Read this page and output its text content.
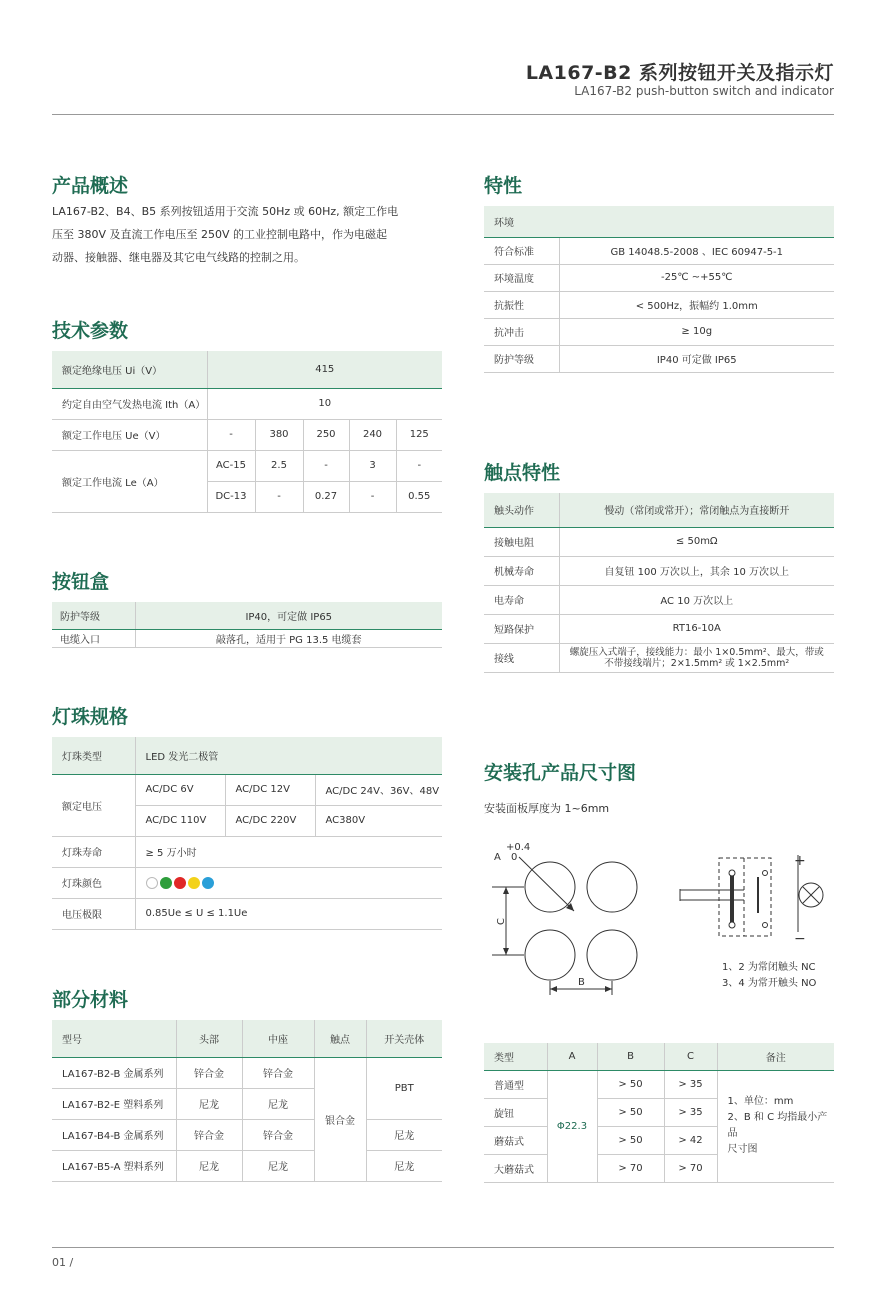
LA167-B2 系列按钮开关及指示灯
LA167-B2 push-button switch and indicator
产品概述
LA167-B2、B4、B5 系列按钮适用于交流 50Hz 或 60Hz, 额定工作电
压至 380V 及直流工作电压至 250V 的工业控制电路中，作为电磁起
动器、接触器、继电器及其它电气线路的控制之用。
技术参数
额定绝缘电压 Ui（V）	415				
约定自由空气发热电流 Ith（A）	10				
额定工作电压 Ue（V）	-	380	250	240	125
额定工作电流 Le（A）	AC-15	2.5	-	3	-
	DC-13	-	0.27	-	0.55
按钮盒
防护等级	IP40，可定做 IP65
电缆入口	敲落孔，适用于 PG 13.5 电缆套
灯珠规格
灯珠类型	LED 发光二极管		
额定电压	AC/DC 6V	AC/DC 12V	AC/DC 24V、36V、48V
	AC/DC 110V	AC/DC 220V	AC380V
灯珠寿命	≥ 5 万小时		
灯珠颜色			
电压极限	0.85Ue ≤ U ≤ 1.1Ue		
部分材料
型号	头部	中座	触点	开关壳体
LA167-B2-B 金属系列	锌合金	锌合金	银合金	PBT
LA167-B2-E 塑料系列	尼龙	尼龙		
LA167-B4-B 金属系列	锌合金	锌合金		尼龙
LA167-B5-A 塑料系列	尼龙	尼龙		尼龙
特性
环境	
符合标准	GB 14048.5-2008 、IEC 60947-5-1
环境温度	-25℃ ~+55℃
抗振性	< 500Hz，振幅约 1.0mm
抗冲击	≥ 10g
防护等级	IP40 可定做 IP65
触点特性
触头动作	慢动（常闭或常开）；常闭触点为直接断开
接触电阻	≤ 50mΩ
机械寿命	自复钮 100 万次以上，其余 10 万次以上
电寿命	AC 10 万次以上
短路保护	RT16-10A
接线	螺旋压入式端子，接线能力：最小 1×0.5mm²、最大，带或
不带接线端片；2×1.5mm² 或 1×2.5mm²
安装孔产品尺寸图
安装面板厚度为 1~6mm
+0.4
A 0
C
B
+
−
1、2 为常闭触头 NC
3、4 为常开触头 NO
类型	A	B	C	备注
普通型	Φ22.3	> 50	> 35	1、单位：mm
2、B 和 C 均指最小产品
尺寸图

旋钮		> 50	> 35	
蘑菇式		> 50	> 42	
大蘑菇式		> 70	> 70	
01 /
